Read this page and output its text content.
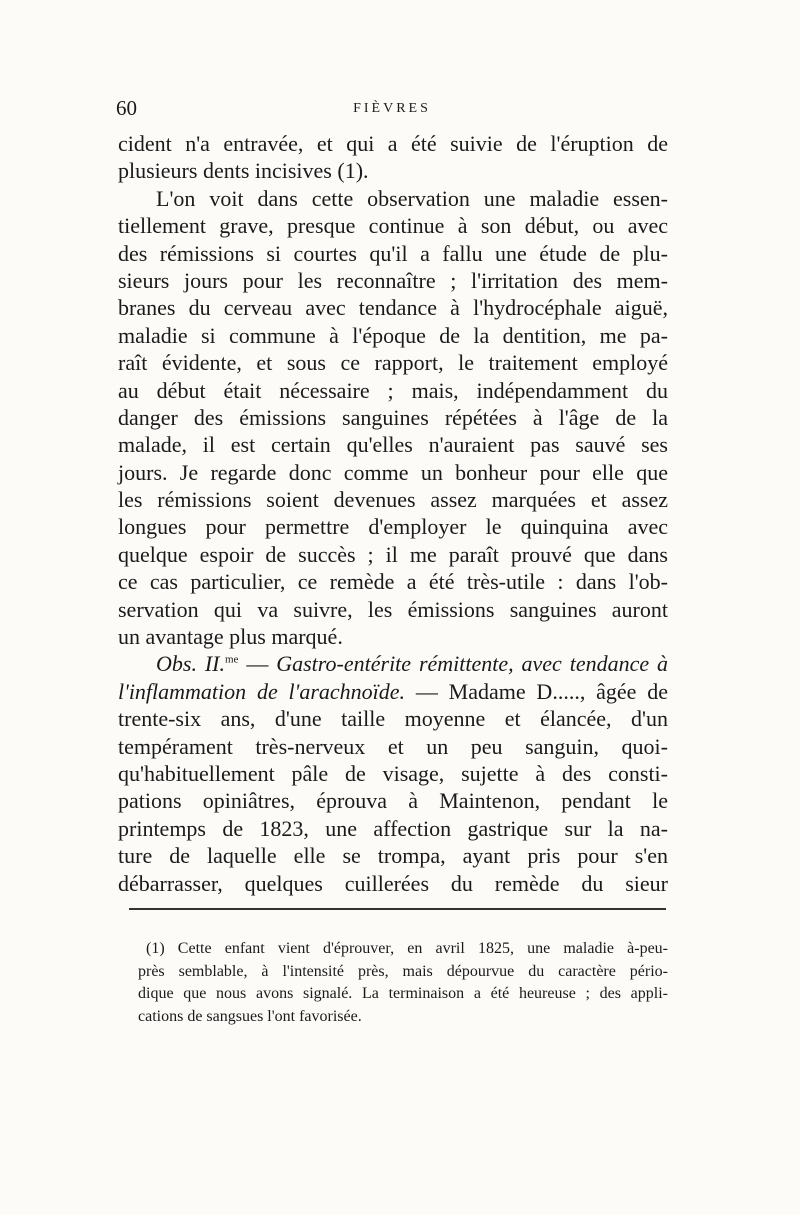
60	FIÈVRES
cident n'a entravée, et qui a été suivie de l'éruption de
plusieurs dents incisives (1).
L'on voit dans cette observation une maladie essen-
tiellement grave, presque continue à son début, ou avec
des rémissions si courtes qu'il a fallu une étude de plu-
sieurs jours pour les reconnaître ; l'irritation des mem-
branes du cerveau avec tendance à l'hydrocéphale aiguë,
maladie si commune à l'époque de la dentition, me pa-
raît évidente, et sous ce rapport, le traitement employé
au début était nécessaire ; mais, indépendamment du
danger des émissions sanguines répétées à l'âge de la
malade, il est certain qu'elles n'auraient pas sauvé ses
jours. Je regarde donc comme un bonheur pour elle que
les rémissions soient devenues assez marquées et assez
longues pour permettre d'employer le quinquina avec
quelque espoir de succès ; il me paraît prouvé que dans
ce cas particulier, ce remède a été très-utile : dans l'ob-
servation qui va suivre, les émissions sanguines auront
un avantage plus marqué.
Obs. II.$^{me}$ — Gastro-entérite rémittente, avec tendance à
l'inflammation de l'arachnoïde. — Madame D....., âgée de
trente-six ans, d'une taille moyenne et élancée, d'un
tempérament très-nerveux et un peu sanguin, quoi-
qu'habituellement pâle de visage, sujette à des consti-
pations opiniâtres, éprouva à Maintenon, pendant le
printemps de 1823, une affection gastrique sur la na-
ture de laquelle elle se trompa, ayant pris pour s'en
débarrasser, quelques cuillerées du remède du sieur
(1) Cette enfant vient d'éprouver, en avril 1825, une maladie à-peu-
près semblable, à l'intensité près, mais dépourvue du caractère pério-
dique que nous avons signalé. La terminaison a été heureuse ; des appli-
cations de sangsues l'ont favorisée.
